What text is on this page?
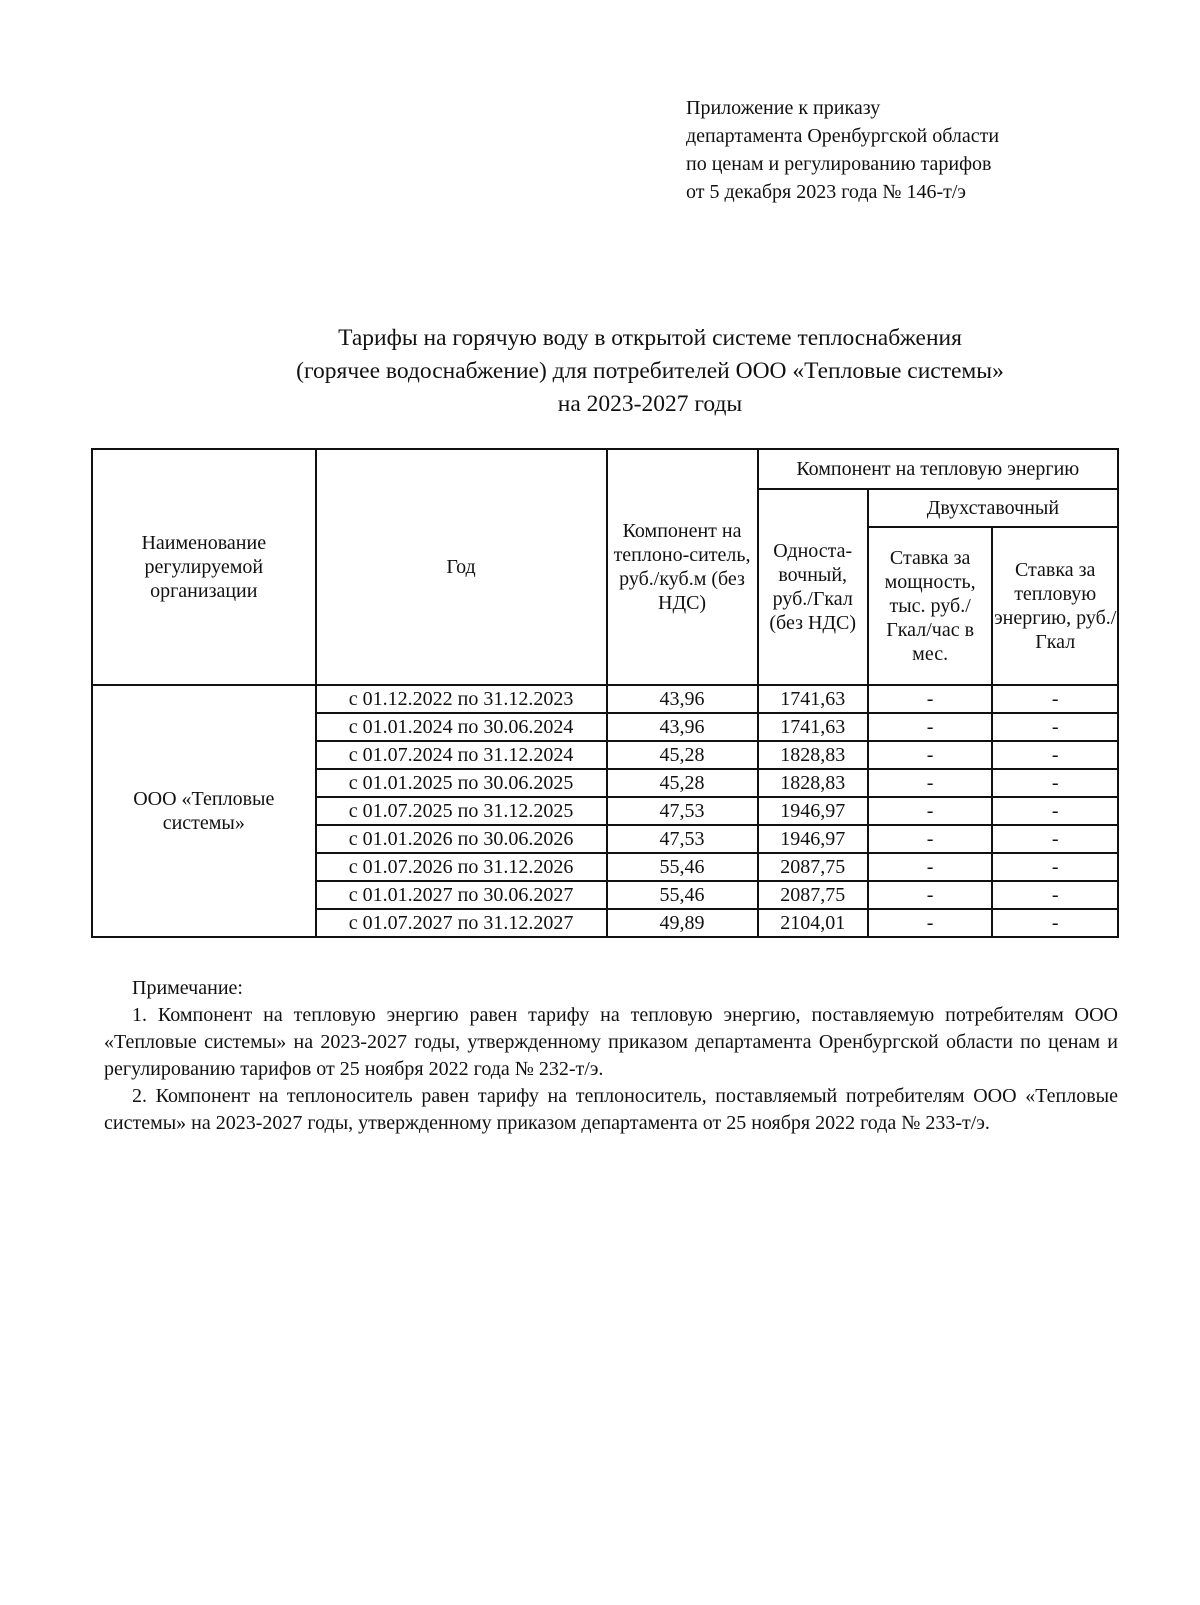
Приложение к приказу
департамента Оренбургской области
по ценам и регулированию тарифов
от 5 декабря 2023 года № 146-т/э
Тарифы на горячую воду в открытой системе теплоснабжения
(горячее водоснабжение) для потребителей ООО «Тепловые системы»
на 2023-2027 годы
Наименование регулируемой организации	Год	Компонент на теплоно-ситель, руб./куб.м (без НДС)	Компонент на тепловую энергию		
			Односта-вочный, руб./Гкал (без НДС)	Двухставочный	
				Ставка за мощность, тыс. руб./ Гкал/час в мес.	Ставка за тепловую энергию, руб./Гкал
ООО «Тепловые системы»	с 01.12.2022 по 31.12.2023	43,96	1741,63	-	-
	с 01.01.2024 по 30.06.2024	43,96	1741,63	-	-
	с 01.07.2024 по 31.12.2024	45,28	1828,83	-	-
	с 01.01.2025 по 30.06.2025	45,28	1828,83	-	-
	с 01.07.2025 по 31.12.2025	47,53	1946,97	-	-
	с 01.01.2026 по 30.06.2026	47,53	1946,97	-	-
	с 01.07.2026 по 31.12.2026	55,46	2087,75	-	-
	с 01.01.2027 по 30.06.2027	55,46	2087,75	-	-
	с 01.07.2027 по 31.12.2027	49,89	2104,01	-	-

Примечание:

1. Компонент на тепловую энергию равен тарифу на тепловую энергию, поставляемую потребителям ООО «Тепловые системы» на 2023-2027 годы, утвержденному приказом департамента Оренбургской области по ценам и регулированию тарифов от 25 ноября 2022 года № 232-т/э.

2. Компонент на теплоноситель равен тарифу на теплоноситель, поставляемый потребителям ООО «Тепловые системы» на 2023-2027 годы, утвержденному приказом департамента от 25 ноября 2022 года № 233-т/э.
